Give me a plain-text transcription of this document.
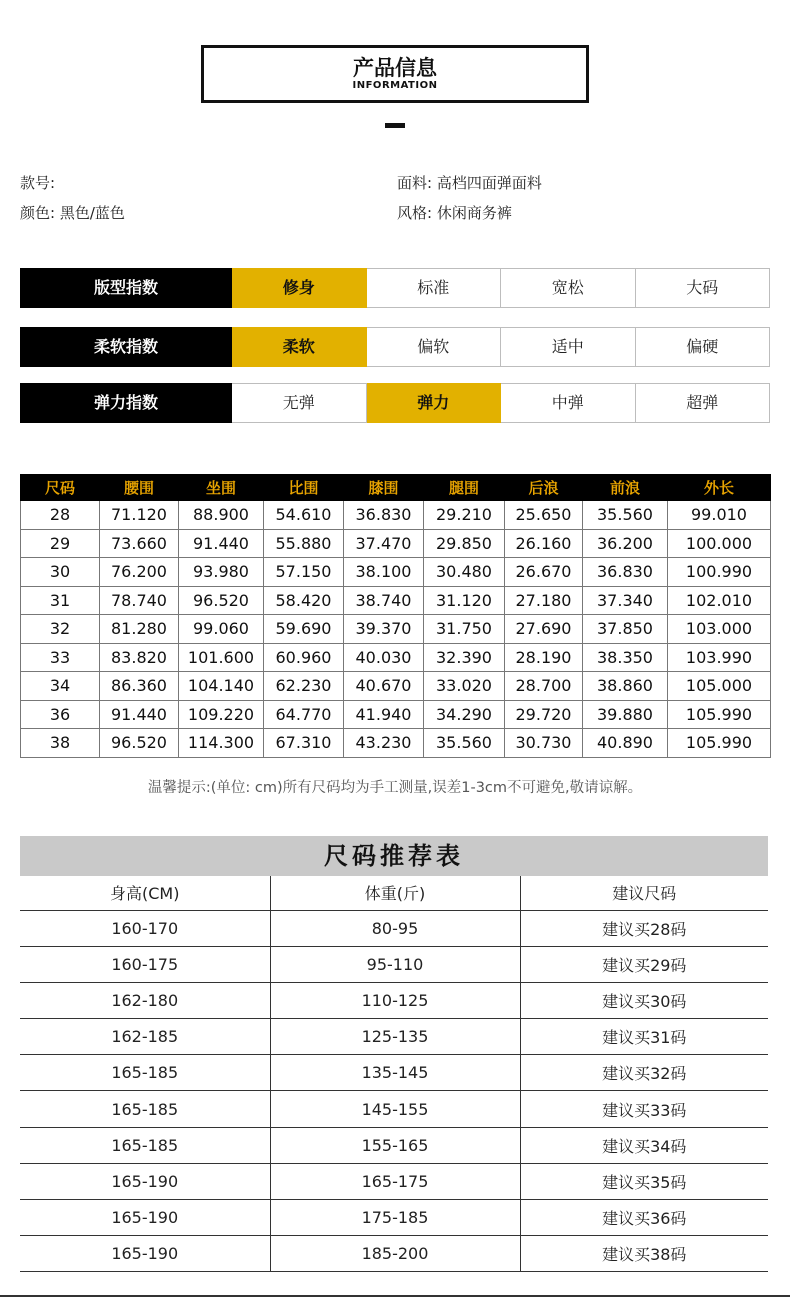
产品信息
INFORMATION
款号:
颜色: 黑色/蓝色
面料: 高档四面弹面料
风格: 休闲商务裤
版型指数	修身	标准	宽松	大码
柔软指数	柔软	偏软	适中	偏硬
弹力指数	无弹	弹力	中弹	超弹
尺码	腰围	坐围	比围	膝围	腿围	后浪	前浪	外长
28	71.120	88.900	54.610	36.830	29.210	25.650	35.560	99.010
29	73.660	91.440	55.880	37.470	29.850	26.160	36.200	100.000
30	76.200	93.980	57.150	38.100	30.480	26.670	36.830	100.990
31	78.740	96.520	58.420	38.740	31.120	27.180	37.340	102.010
32	81.280	99.060	59.690	39.370	31.750	27.690	37.850	103.000
33	83.820	101.600	60.960	40.030	32.390	28.190	38.350	103.990
34	86.360	104.140	62.230	40.670	33.020	28.700	38.860	105.000
36	91.440	109.220	64.770	41.940	34.290	29.720	39.880	105.990
38	96.520	114.300	67.310	43.230	35.560	30.730	40.890	105.990
温馨提示:(单位: cm)所有尺码均为手工测量,误差1-3cm不可避免,敬请谅解。
尺码推荐表
身高(CM)	体重(斤)	建议尺码
160-170	80-95	建议买28码
160-175	95-110	建议买29码
162-180	110-125	建议买30码
162-185	125-135	建议买31码
165-185	135-145	建议买32码
165-185	145-155	建议买33码
165-185	155-165	建议买34码
165-190	165-175	建议买35码
165-190	175-185	建议买36码
165-190	185-200	建议买38码
